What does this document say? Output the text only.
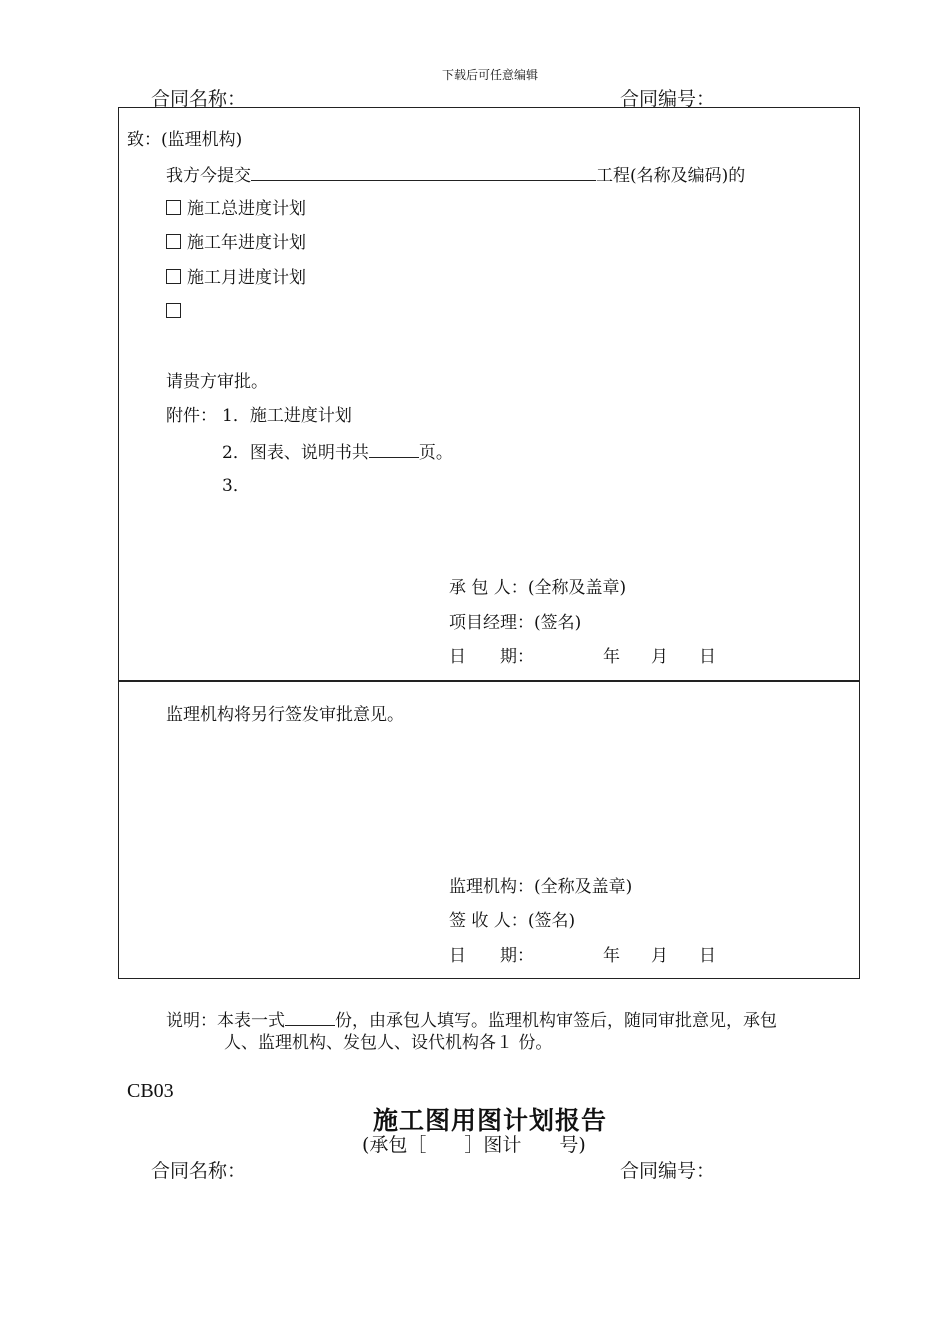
下载后可任意编辑
合同名称：	合同编号：
致：(监理机构)
我方今提交	工程(名称及编码)的
施工总进度计划
施工年进度计划
施工月进度计划
请贵方审批。
附件： 1．施工进度计划
2．图表、说明书共	页。
3．
承 包 人：(全称及盖章)
项目经理：(签名)
日　　期：	年 月 日
监理机构将另行签发审批意见。
监理机构：(全称及盖章)
签 收 人：(签名)
日　　期：	年 月 日
说明：本表一式	份，由承包人填写。监理机构审签后，随同审批意见，承包
人、监理机构、发包人、设代机构各１ 份。
CB03
施工图用图计划报告
(承包［　　］图计　　号)
合同名称：	合同编号：
